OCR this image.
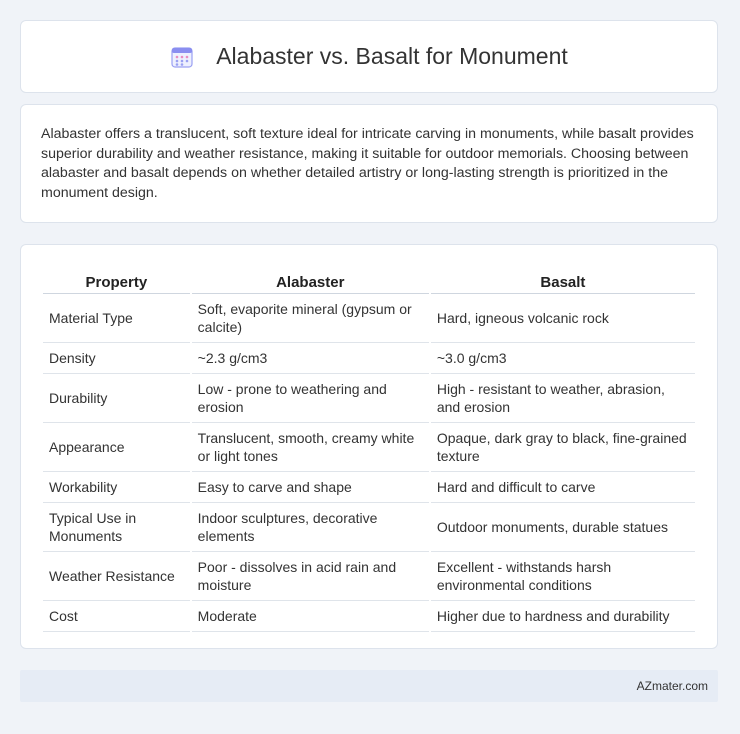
Alabaster vs. Basalt for Monument

Alabaster offers a translucent, soft texture ideal for intricate carving in monuments, while basalt provides superior durability and weather resistance, making it suitable for outdoor memorials. Choosing between alabaster and basalt depends on whether detailed artistry or long-lasting strength is prioritized in the monument design.

Property	Alabaster	Basalt
Material Type	Soft, evaporite mineral (gypsum or calcite)	Hard, igneous volcanic rock
Density	~2.3 g/cm3	~3.0 g/cm3
Durability	Low - prone to weathering and erosion	High - resistant to weather, abrasion, and erosion
Appearance	Translucent, smooth, creamy white or light tones	Opaque, dark gray to black, fine-grained texture
Workability	Easy to carve and shape	Hard and difficult to carve
Typical Use in Monuments	Indoor sculptures, decorative elements	Outdoor monuments, durable statues
Weather Resistance	Poor - dissolves in acid rain and moisture	Excellent - withstands harsh environmental conditions
Cost	Moderate	Higher due to hardness and durability
AZmater.com
